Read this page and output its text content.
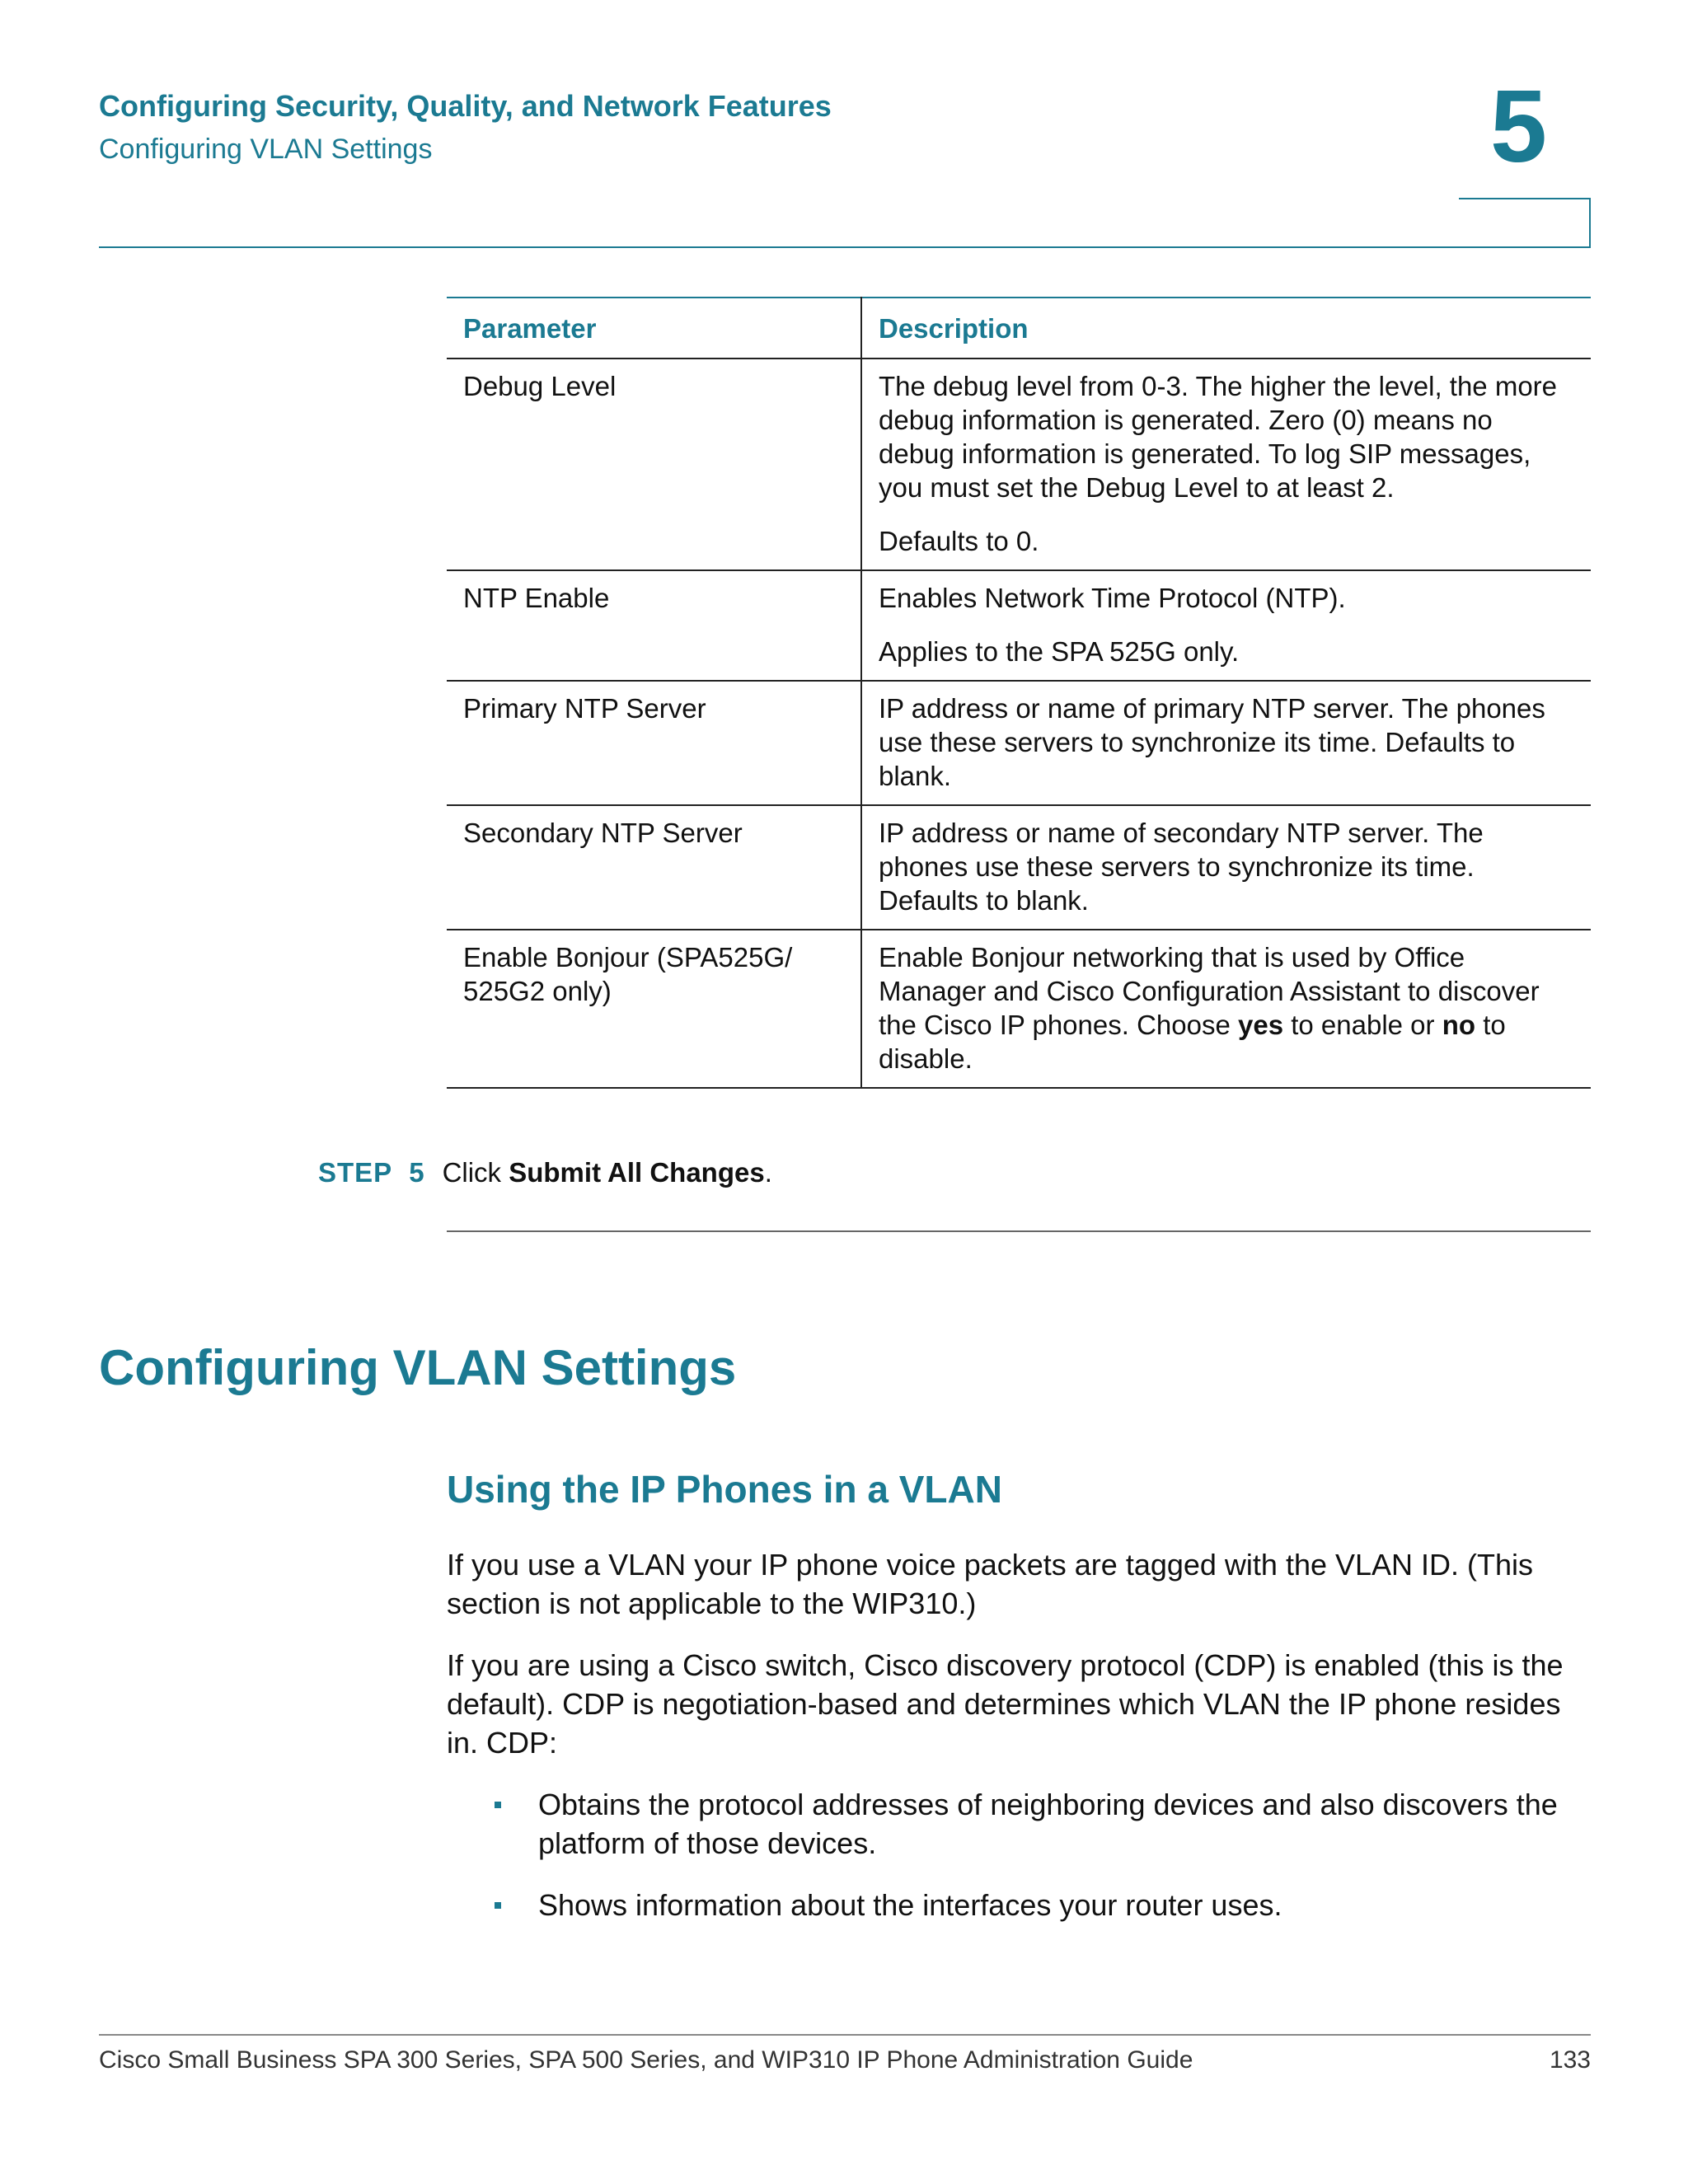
Configuring Security, Quality, and Network Features
Configuring VLAN Settings	5
Parameter	Description
Debug Level	The debug level from 0-3. The higher the level, the more debug information is generated. Zero (0) means no debug information is generated. To log SIP messages, you must set the Debug Level to at least 2.

Defaults to 0.

NTP Enable	Enables Network Time Protocol (NTP).

Applies to the SPA 525G only.

Primary NTP Server	IP address or name of primary NTP server. The phones use these servers to synchronize its time. Defaults to blank.

Secondary NTP Server	IP address or name of secondary NTP server. The phones use these servers to synchronize its time. Defaults to blank.

Enable Bonjour (SPA525G/ 525G2 only)	Enable Bonjour networking that is used by Office Manager and Cisco Configuration Assistant to discover the Cisco IP phones. Choose yes to enable or no to disable.

STEP 5 Click Submit All Changes.
Configuring VLAN Settings
Using the IP Phones in a VLAN

If you use a VLAN your IP phone voice packets are tagged with the VLAN ID. (This section is not applicable to the WIP310.)

If you are using a Cisco switch, Cisco discovery protocol (CDP) is enabled (this is the default). CDP is negotiation-based and determines which VLAN the IP phone resides in. CDP:

Obtains the protocol addresses of neighboring devices and also discovers the platform of those devices.
Shows information about the interfaces your router uses.
Cisco Small Business SPA 300 Series, SPA 500 Series, and WIP310 IP Phone Administration Guide	133
